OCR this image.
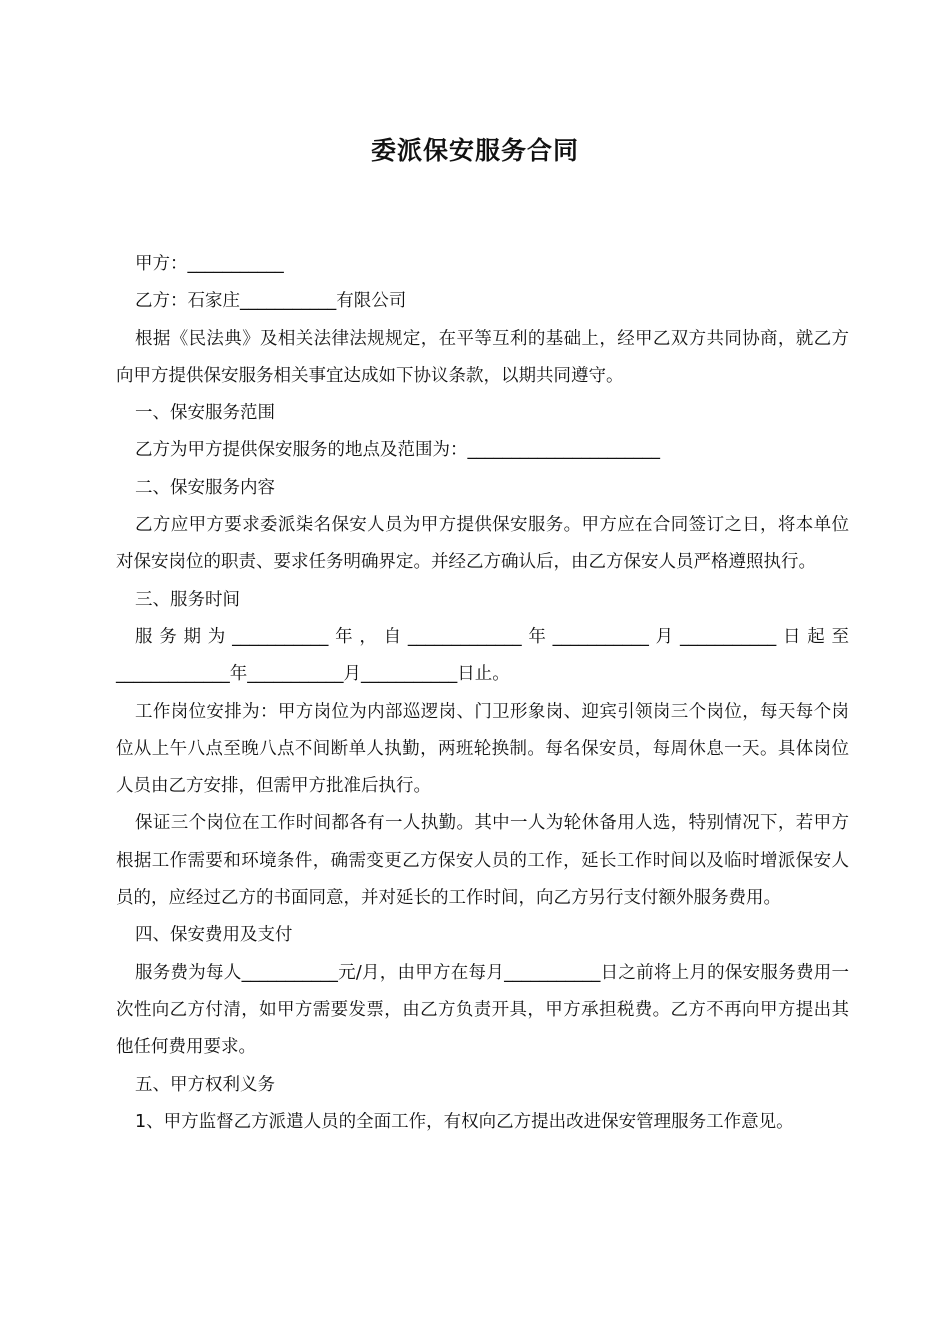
委派保安服务合同

甲方：___________

乙方：石家庄___________有限公司

根据《民法典》及相关法律法规规定，在平等互利的基础上，经甲乙双方共同协商，就乙方向甲方提供保安服务相关事宜达成如下协议条款，以期共同遵守。

一、保安服务范围

乙方为甲方提供保安服务的地点及范围为：______________________

二、保安服务内容

乙方应甲方要求委派柒名保安人员为甲方提供保安服务。甲方应在合同签订之日，将本单位对保安岗位的职责、要求任务明确界定。并经乙方确认后，由乙方保安人员严格遵照执行。

三、服务时间

服务期为___________年，自_____________年___________月___________日起至_____________年___________月___________日止。

工作岗位安排为：甲方岗位为内部巡逻岗、门卫形象岗、迎宾引领岗三个岗位，每天每个岗位从上午八点至晚八点不间断单人执勤，两班轮换制。每名保安员，每周休息一天。具体岗位人员由乙方安排，但需甲方批准后执行。

保证三个岗位在工作时间都各有一人执勤。其中一人为轮休备用人选，特别情况下，若甲方根据工作需要和环境条件，确需变更乙方保安人员的工作，延长工作时间以及临时增派保安人员的，应经过乙方的书面同意，并对延长的工作时间，向乙方另行支付额外服务费用。

四、保安费用及支付

服务费为每人___________元/月，由甲方在每月___________日之前将上月的保安服务费用一次性向乙方付清，如甲方需要发票，由乙方负责开具，甲方承担税费。乙方不再向甲方提出其他任何费用要求。

五、甲方权利义务

1、甲方监督乙方派遣人员的全面工作，有权向乙方提出改进保安管理服务工作意见。
